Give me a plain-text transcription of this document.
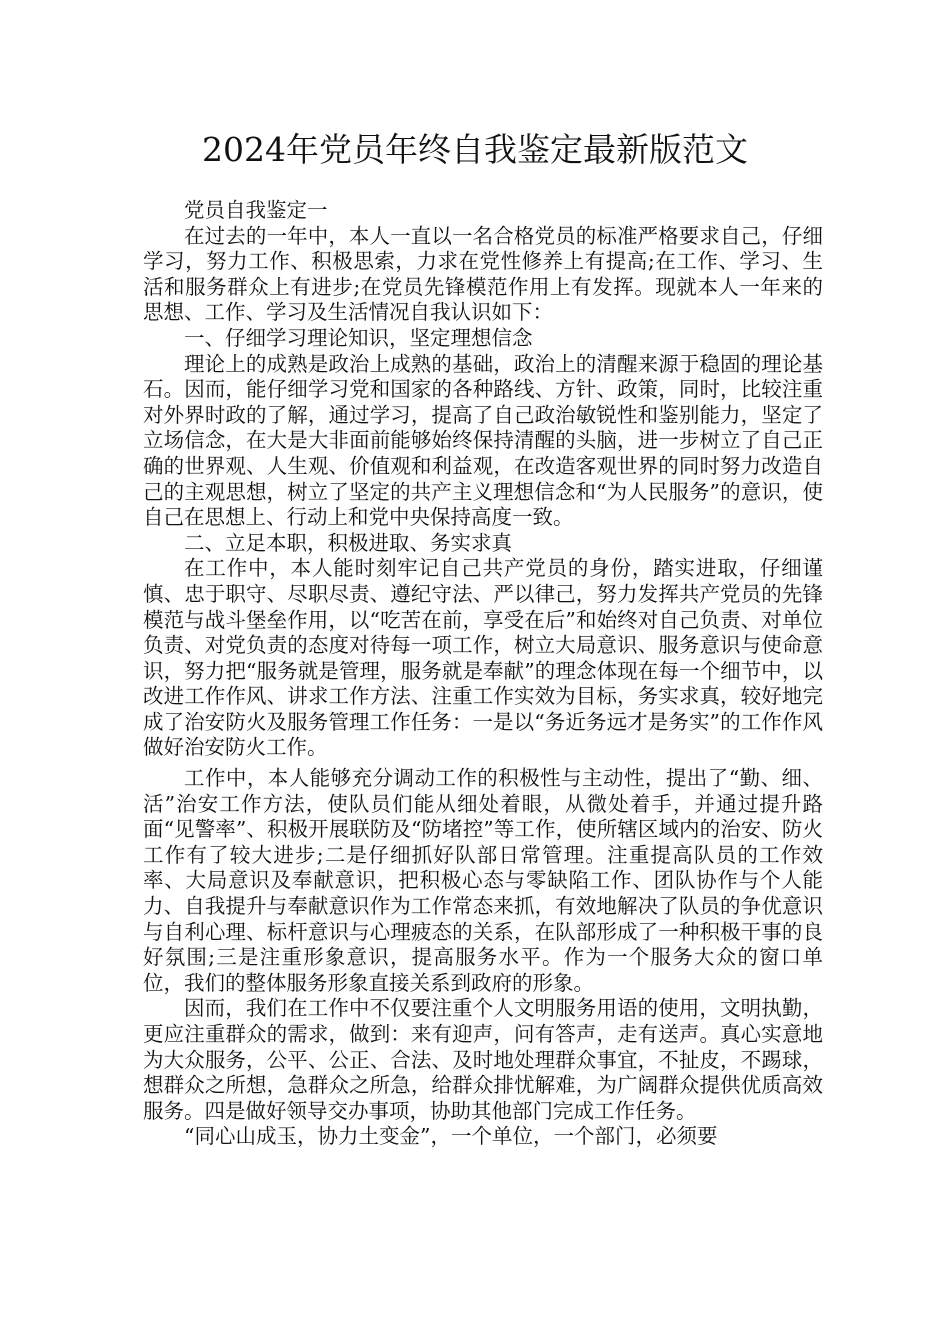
2024年党员年终自我鉴定最新版范文

党员自我鉴定一

在过去的一年中，本人一直以一名合格党员的标准严格要求自己，仔细学习，努力工作、积极思索，力求在党性修养上有提高;在工作、学习、生活和服务群众上有进步;在党员先锋模范作用上有发挥。现就本人一年来的思想、工作、学习及生活情况自我认识如下：

一、仔细学习理论知识，坚定理想信念

理论上的成熟是政治上成熟的基础，政治上的清醒来源于稳固的理论基石。因而，能仔细学习党和国家的各种路线、方针、政策，同时，比较注重对外界时政的了解，通过学习，提高了自己政治敏锐性和鉴别能力，坚定了立场信念，在大是大非面前能够始终保持清醒的头脑，进一步树立了自己正确的世界观、人生观、价值观和利益观，在改造客观世界的同时努力改造自己的主观思想，树立了坚定的共产主义理想信念和“为人民服务”的意识，使自己在思想上、行动上和党中央保持高度一致。

二、立足本职，积极进取、务实求真

在工作中，本人能时刻牢记自己共产党员的身份，踏实进取，仔细谨慎、忠于职守、尽职尽责、遵纪守法、严以律己，努力发挥共产党员的先锋模范与战斗堡垒作用，以“吃苦在前，享受在后”和始终对自己负责、对单位负责、对党负责的态度对待每一项工作，树立大局意识、服务意识与使命意识，努力把“服务就是管理，服务就是奉献”的理念体现在每一个细节中，以改进工作作风、讲求工作方法、注重工作实效为目标，务实求真，较好地完成了治安防火及服务管理工作任务：一是以“务近务远才是务实”的工作作风做好治安防火工作。

工作中，本人能够充分调动工作的积极性与主动性，提出了“勤、细、活”治安工作方法，使队员们能从细处着眼，从微处着手，并通过提升路面“见警率”、积极开展联防及“防堵控”等工作，使所辖区域内的治安、防火工作有了较大进步;二是仔细抓好队部日常管理。注重提高队员的工作效率、大局意识及奉献意识，把积极心态与零缺陷工作、团队协作与个人能力、自我提升与奉献意识作为工作常态来抓，有效地解决了队员的争优意识与自利心理、标杆意识与心理疲态的关系，在队部形成了一种积极干事的良好氛围;三是注重形象意识，提高服务水平。作为一个服务大众的窗口单位，我们的整体服务形象直接关系到政府的形象。

因而，我们在工作中不仅要注重个人文明服务用语的使用，文明执勤，更应注重群众的需求，做到：来有迎声，问有答声，走有送声。真心实意地为大众服务，公平、公正、合法、及时地处理群众事宜，不扯皮，不踢球，想群众之所想，急群众之所急，给群众排忧解难，为广阔群众提供优质高效服务。四是做好领导交办事项，协助其他部门完成工作任务。

“同心山成玉，协力土变金”，一个单位，一个部门，必须要
